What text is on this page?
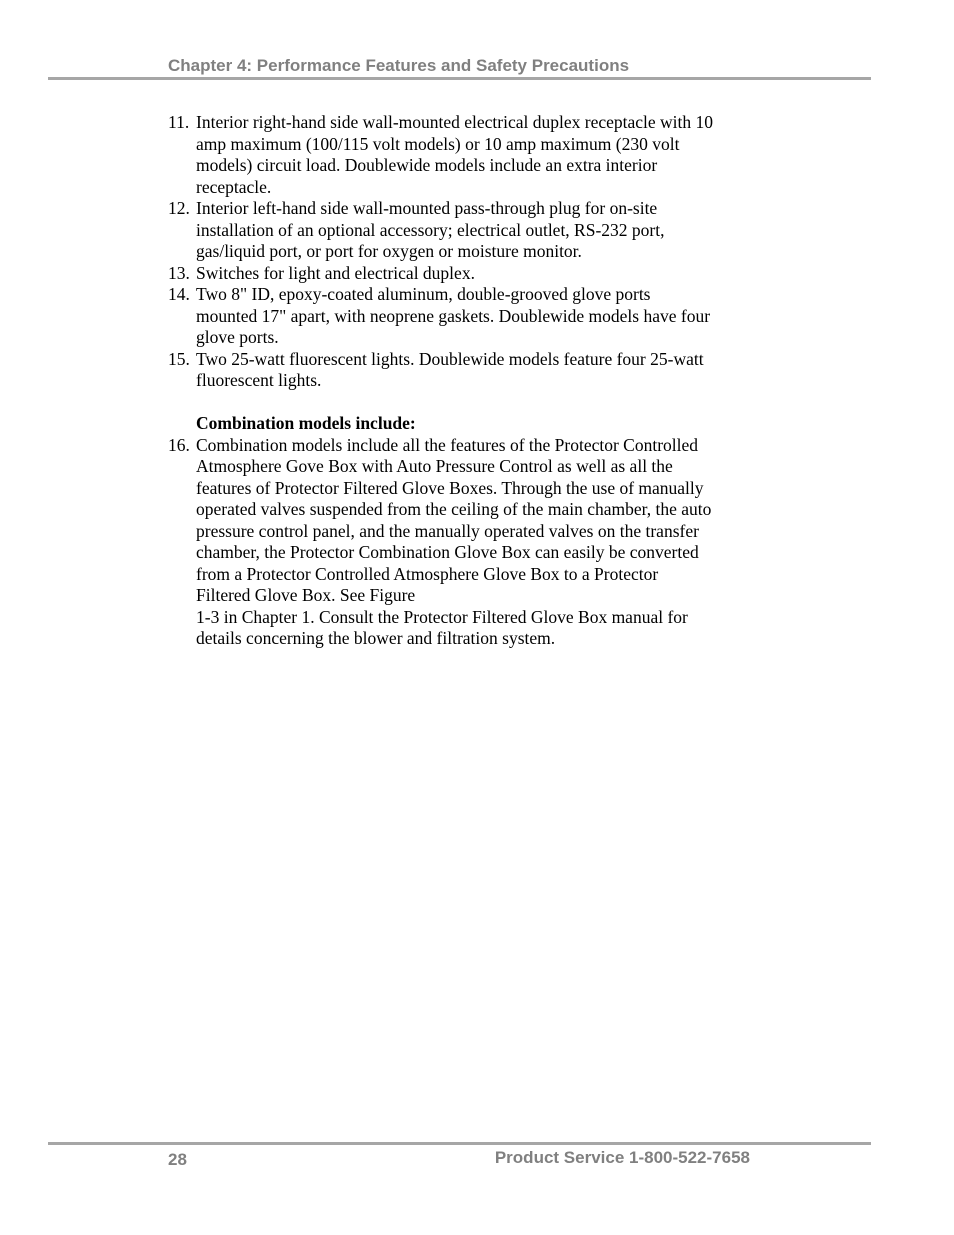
Chapter 4: Performance Features and Safety Precautions
11. Interior right-hand side wall-mounted electrical duplex receptacle with 10
amp maximum (100/115 volt models) or 10 amp maximum (230 volt
models) circuit load. Doublewide models include an extra interior
receptacle.
12. Interior left-hand side wall-mounted pass-through plug for on-site
installation of an optional accessory; electrical outlet, RS-232 port,
gas/liquid port, or port for oxygen or moisture monitor.
13. Switches for light and electrical duplex.
14. Two 8" ID, epoxy-coated aluminum, double-grooved glove ports
mounted 17" apart, with neoprene gaskets. Doublewide models have four
glove ports.
15. Two 25-watt fluorescent lights. Doublewide models feature four 25-watt
fluorescent lights.
Combination models include:
16. Combination models include all the features of the Protector Controlled
Atmosphere Gove Box with Auto Pressure Control as well as all the
features of Protector Filtered Glove Boxes. Through the use of manually
operated valves suspended from the ceiling of the main chamber, the auto
pressure control panel, and the manually operated valves on the transfer
chamber, the Protector Combination Glove Box can easily be converted
from a Protector Controlled Atmosphere Glove Box to a Protector
Filtered Glove Box. See Figure
1-3 in Chapter 1. Consult the Protector Filtered Glove Box manual for
details concerning the blower and filtration system.
28	Product Service 1-800-522-7658
